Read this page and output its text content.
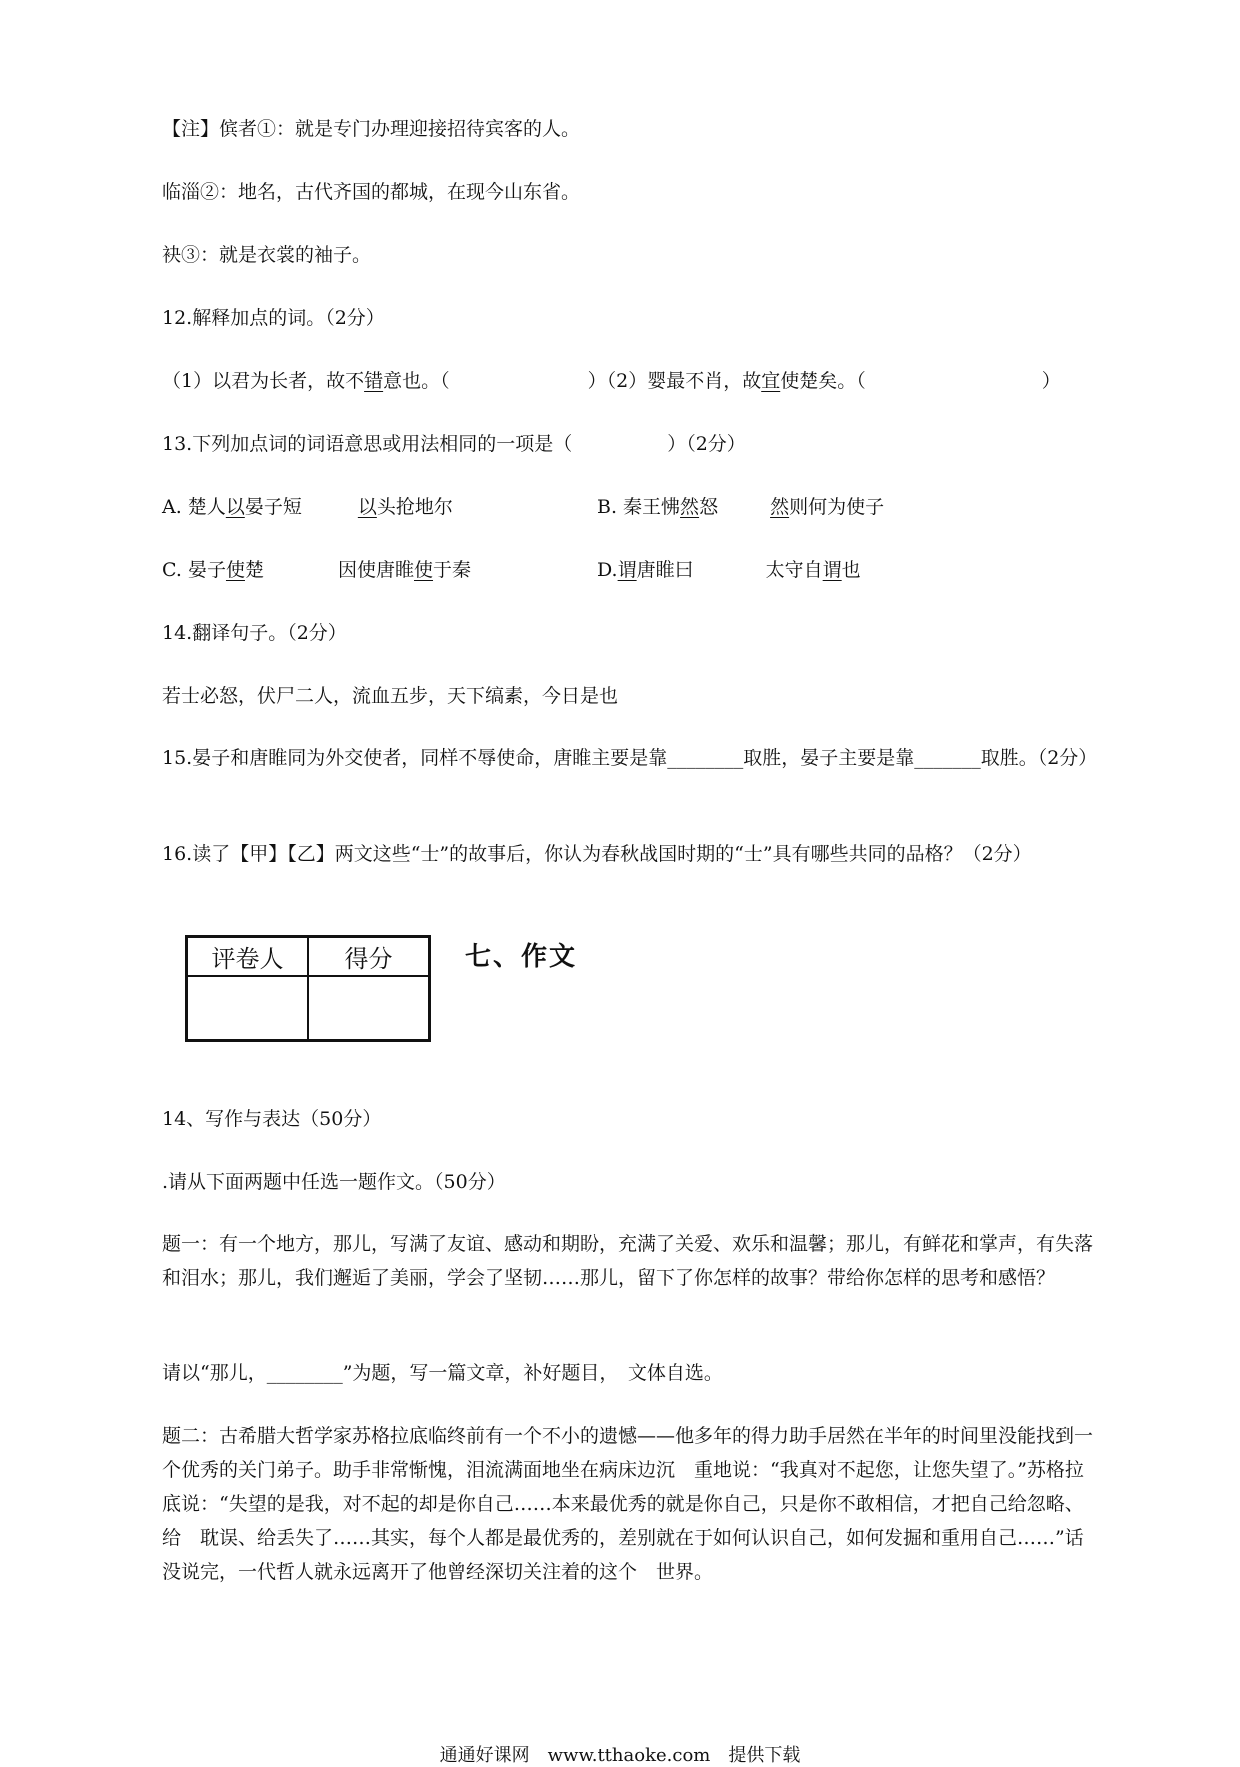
【注】傧者①：就是专门办理迎接招待宾客的人。
临淄②：地名，古代齐国的都城，在现今山东省。
袂③：就是衣裳的袖子。
12.解释加点的词。（2分）
（1）以君为长者，故不错意也。（	）（2）婴最不肖，故宜使楚矣。（	）
13.下列加点词的词语意思或用法相同的一项是（　　　　　）（2分）
A. 楚人以晏子短	以头抢地尔	B. 秦王怫然怒	然则何为使子
C. 晏子使楚	因使唐睢使于秦	D.谓唐睢曰	太守自谓也
14.翻译句子。（2分）
若士必怒，伏尸二人，流血五步，天下缟素，今日是也
15.晏子和唐睢同为外交使者，同样不辱使命，唐睢主要是靠________取胜，晏子主要是靠_______取胜。（2分）
16.读了【甲】【乙】两文这些“士”的故事后，你认为春秋战国时期的“士”具有哪些共同的品格？（2分）
评卷人	得分
		七、作文
14、写作与表达（50分）
.请从下面两题中任选一题作文。（50分）
题一：有一个地方，那儿，写满了友谊、感动和期盼，充满了关爱、欢乐和温馨；那儿，有鲜花和掌声，有失落和泪水；那儿，我们邂逅了美丽，学会了坚韧……那儿，留下了你怎样的故事？带给你怎样的思考和感悟？
请以“那儿，________”为题，写一篇文章，补好题目，　文体自选。
题二：古希腊大哲学家苏格拉底临终前有一个不小的遗憾——他多年的得力助手居然在半年的时间里没能找到一个优秀的关门弟子。助手非常惭愧，泪流满面地坐在病床边沉　重地说：“我真对不起您，让您失望了。”苏格拉底说：“失望的是我，对不起的却是你自己……本来最优秀的就是你自己，只是你不敢相信，才把自己给忽略、给　耽误、给丢失了……其实，每个人都是最优秀的，差别就在于如何认识自己，如何发掘和重用自己……”话没说完，一代哲人就永远离开了他曾经深切关注着的这个　世界。
通通好课网　www.tthaoke.com　提供下载
